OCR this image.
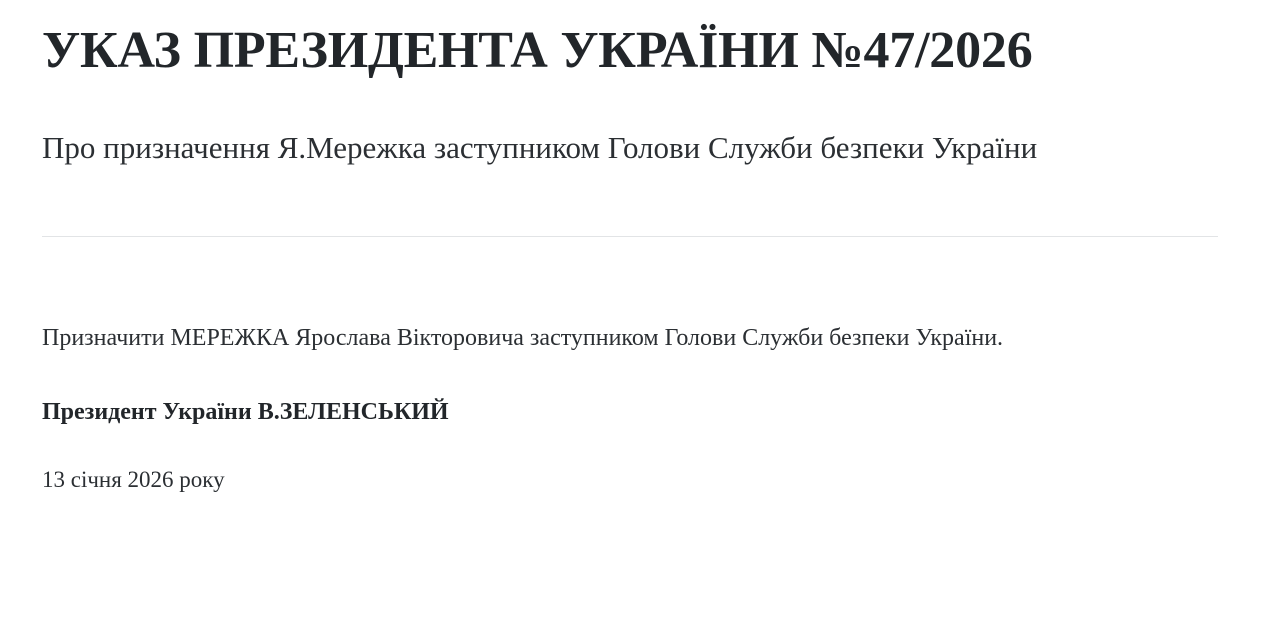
УКАЗ ПРЕЗИДЕНТА УКРАЇНИ №47/2026
Про призначення Я.Мережка заступником Голови Служби безпеки України

Призначити МЕРЕЖКА Ярослава Вікторовича заступником Голови Служби безпеки України.

Президент України В.ЗЕЛЕНСЬКИЙ

13 січня 2026 року
